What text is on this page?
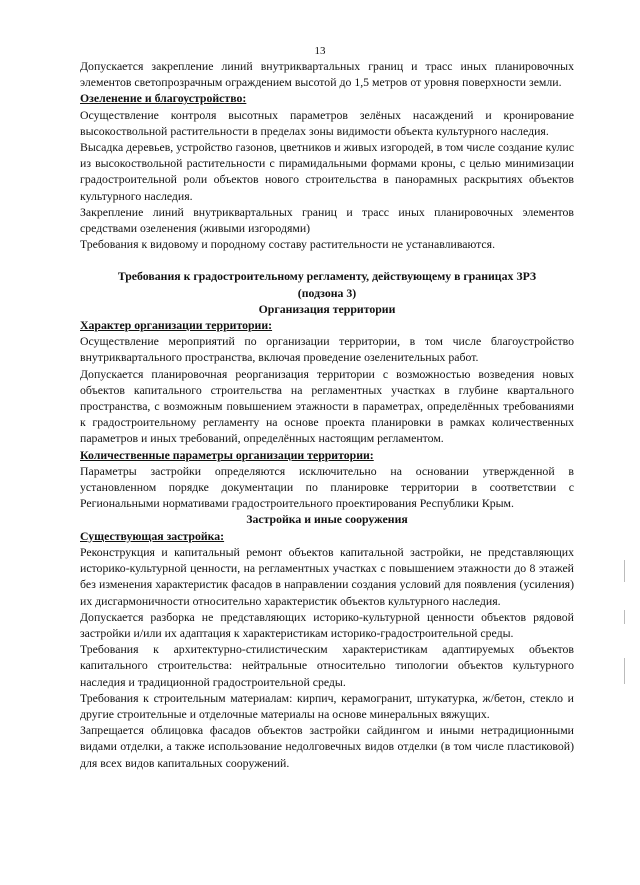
13

Допускается закрепление линий внутриквартальных границ и трасс иных планировочных элементов светопрозрачным ограждением высотой до 1,5 метров от уровня поверхности земли.

Озеленение и благоустройство:

Осуществление контроля высотных параметров зелёных насаждений и кронирование высокоствольной растительности в пределах зоны видимости объекта культурного наследия.

Высадка деревьев, устройство газонов, цветников и живых изгородей, в том числе создание кулис из высокоствольной растительности с пирамидальными формами кроны, с целью минимизации градостроительной роли объектов нового строительства в панорамных раскрытиях объектов культурного наследия.

Закрепление линий внутриквартальных границ и трасс иных планировочных элементов средствами озеленения (живыми изгородями)

Требования к видовому и породному составу растительности не устанавливаются.

Требования к градостроительному регламенту, действующему в границах ЗРЗ

(подзона 3)

Организация территории

Характер организации территории:

Осуществление мероприятий по организации территории, в том числе благоустройство внутриквартального пространства, включая проведение озеленительных работ.

Допускается планировочная реорганизация территории с возможностью возведения новых объектов капитального строительства на регламентных участках в глубине квартального пространства, с возможным повышением этажности в параметрах, определённых требованиями к градостроительному регламенту на основе проекта планировки в рамках количественных параметров и иных требований, определённых настоящим регламентом.

Количественные параметры организации территории:

Параметры застройки определяются исключительно на основании утвержденной в установленном порядке документации по планировке территории в соответствии с Региональными нормативами градостроительного проектирования Республики Крым.

Застройка и иные сооружения

Существующая застройка:

Реконструкция и капитальный ремонт объектов капитальной застройки, не представляющих историко-культурной ценности, на регламентных участках с повышением этажности до 8 этажей без изменения характеристик фасадов в направлении создания условий для появления (усиления) их дисгармоничности относительно характеристик объектов культурного наследия.

Допускается разборка не представляющих историко-культурной ценности объектов рядовой застройки и/или их адаптация к характеристикам историко-градостроительной среды.

Требования к архитектурно-стилистическим характеристикам адаптируемых объектов капитального строительства: нейтральные относительно типологии объектов культурного наследия и традиционной градостроительной среды.

Требования к строительным материалам: кирпич, керамогранит, штукатурка, ж/бетон, стекло и другие строительные и отделочные материалы на основе минеральных вяжущих.

Запрещается облицовка фасадов объектов застройки сайдингом и иными нетрадиционными видами отделки, а также использование недолговечных видов отделки (в том числе пластиковой) для всех видов капитальных сооружений.
